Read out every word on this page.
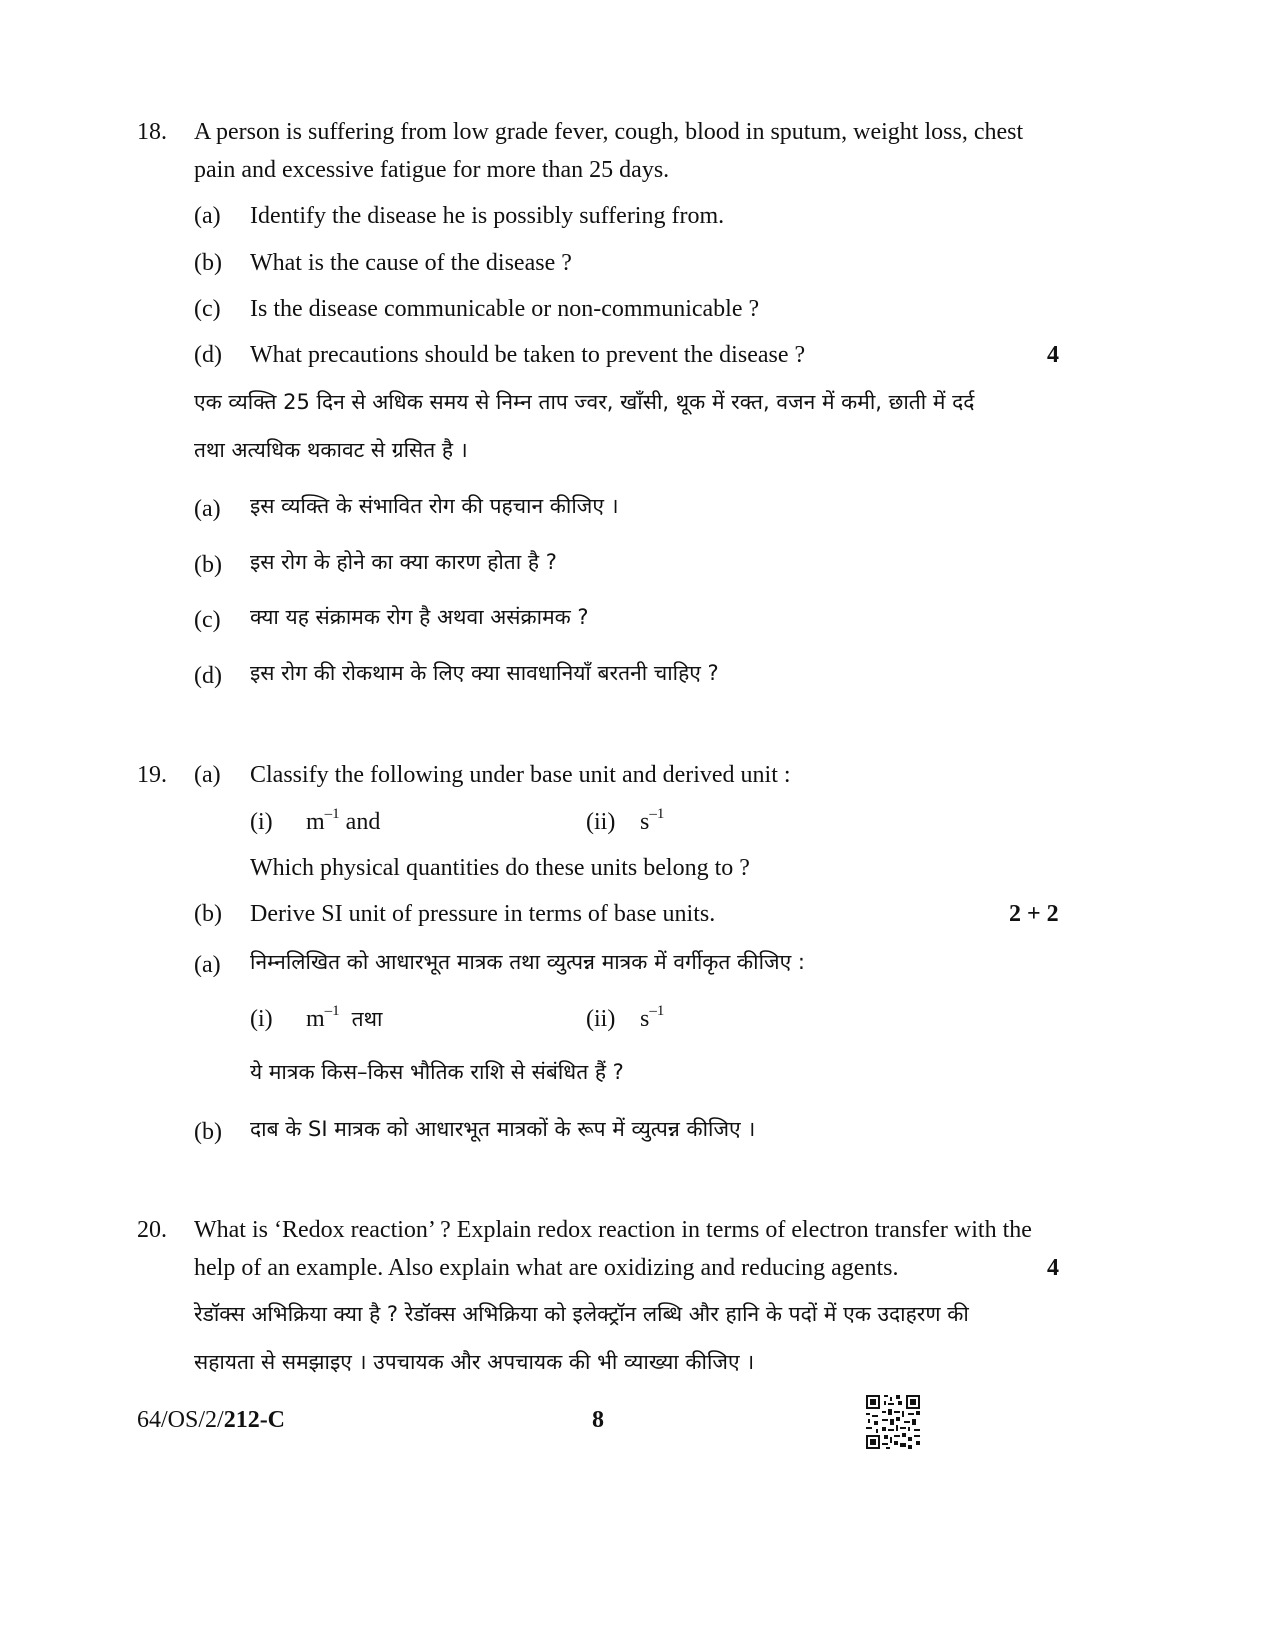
18. A person is suffering from low grade fever, cough, blood in sputum, weight loss, chest
pain and excessive fatigue for more than 25 days.
(a) Identify the disease he is possibly suffering from.
(b) What is the cause of the disease ?
(c) Is the disease communicable or non-communicable ?
(d) What precautions should be taken to prevent the disease ?	4
एक व्यक्ति 25 दिन से अधिक समय से निम्न ताप ज्वर, खाँसी, थूक में रक्त, वजन में कमी, छाती में दर्द
तथा अत्यधिक थकावट से ग्रसित है ।
(a) इस व्यक्ति के संभावित रोग की पहचान कीजिए ।
(b) इस रोग के होने का क्या कारण होता है ?
(c) क्या यह संक्रामक रोग है अथवा असंक्रामक ?
(d) इस रोग की रोकथाम के लिए क्या सावधानियाँ बरतनी चाहिए ?
19. (a) Classify the following under base unit and derived unit :
(i) $m^{-1}$ and	(ii) $s^{-1}$
Which physical quantities do these units belong to ?
(b) Derive SI unit of pressure in terms of base units.	2 + 2
(a) निम्नलिखित को आधारभूत मात्रक तथा व्युत्पन्न मात्रक में वर्गीकृत कीजिए :
(i) $m^{-1}$ तथा	(ii) $s^{-1}$
ये मात्रक किस–किस भौतिक राशि से संबंधित हैं ?
(b) दाब के SI मात्रक को आधारभूत मात्रकों के रूप में व्युत्पन्न कीजिए ।
20. What is ‘Redox reaction’ ? Explain redox reaction in terms of electron transfer with the
help of an example. Also explain what are oxidizing and reducing agents.	4
रेडॉक्स अभिक्रिया क्या है ? रेडॉक्स अभिक्रिया को इलेक्ट्रॉन लब्धि और हानि के पदों में एक उदाहरण की
सहायता से समझाइए । उपचायक और अपचायक की भी व्याख्या कीजिए ।
64/OS/2/212-C	8
